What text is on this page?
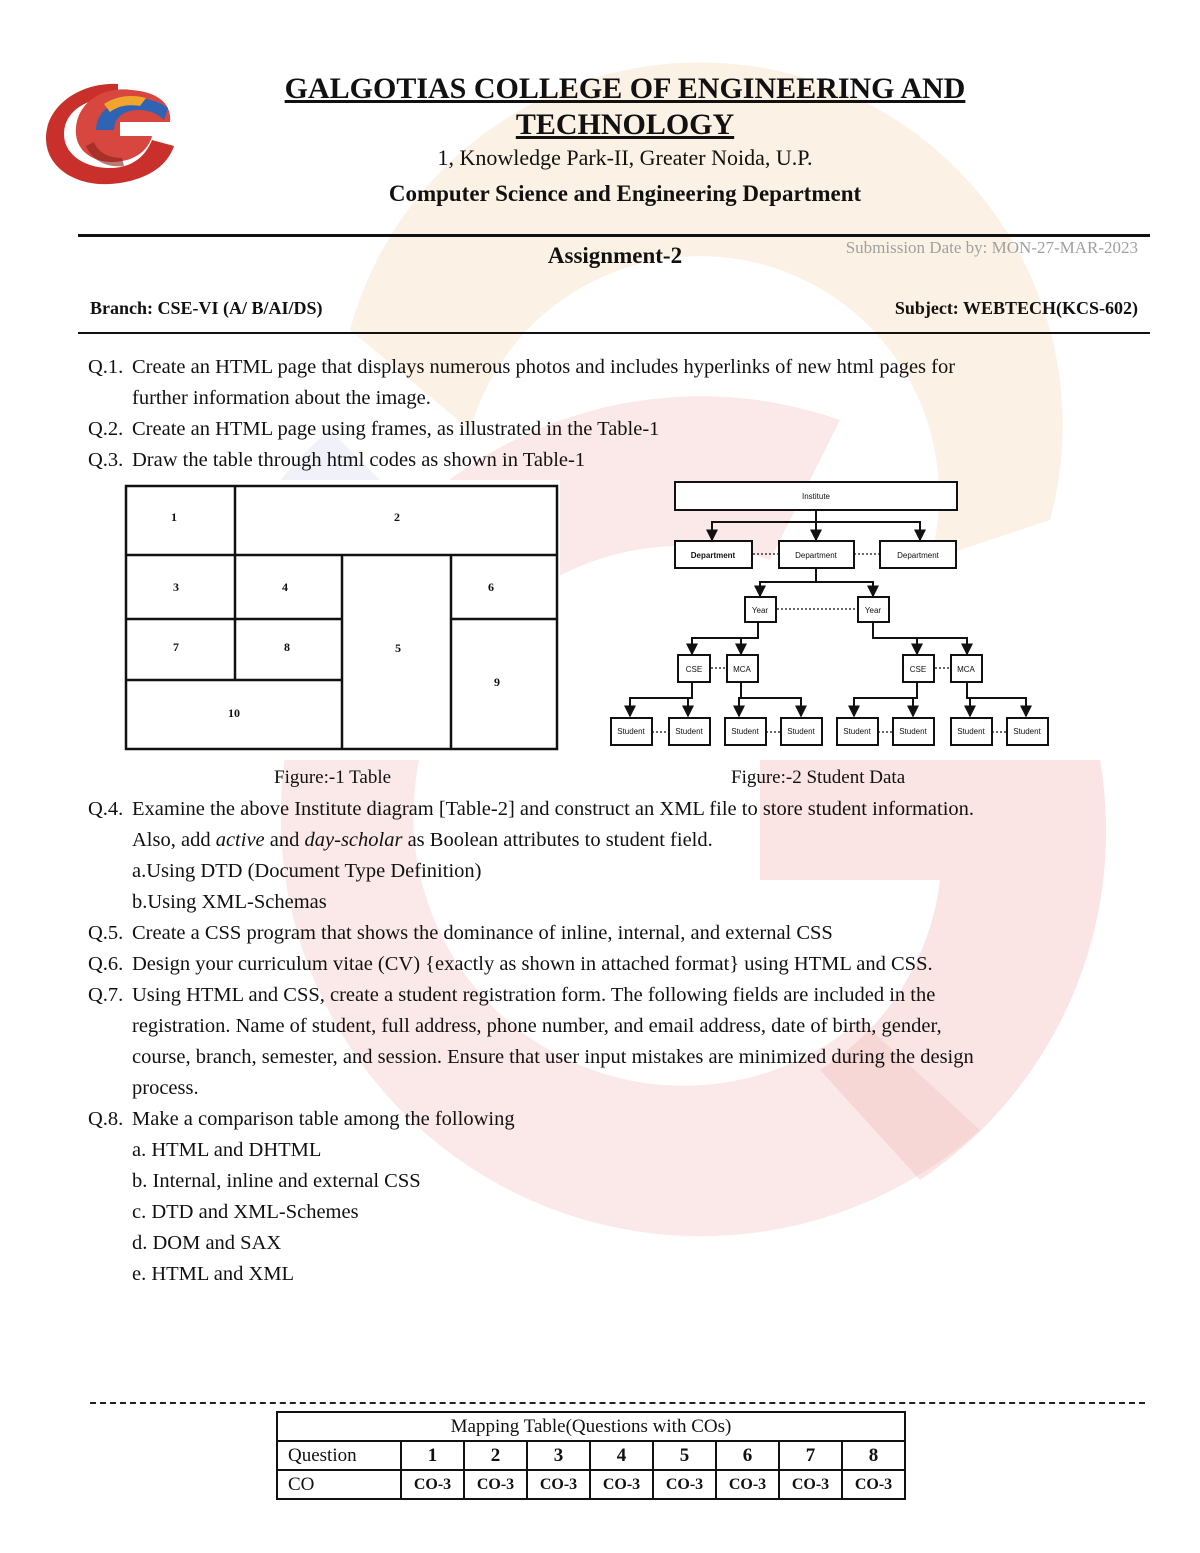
GALGOTIAS COLLEGE OF ENGINEERING AND
TECHNOLOGY
1, Knowledge Park-II, Greater Noida, U.P.
Computer Science and Engineering Department
Assignment-2	Submission Date by: MON-27-MAR-2023
Branch: CSE-VI (A/ B/AI/DS)	Subject: WEBTECH(KCS-602)
Q.1. Create an HTML page that displays numerous photos and includes hyperlinks of new html pages for
further information about the image.
Q.2. Create an HTML page using frames, as illustrated in the Table-1
Q.3. Draw the table through html codes as shown in Table-1
1	2
3	4
5
6
7	8
9
10
Institute
Department	Department	Department
Year	Year
CSE	MCA	CSE	MCA
Student	Student	Student	Student	Student	Student	Student	Student
Figure:-1 Table	Figure:-2 Student Data
Q.4. Examine the above Institute diagram [Table-2] and construct an XML file to store student information.
Also, add active and day-scholar as Boolean attributes to student field.
a.Using DTD (Document Type Definition)
b.Using XML-Schemas
Q.5. Create a CSS program that shows the dominance of inline, internal, and external CSS
Q.6. Design your curriculum vitae (CV) {exactly as shown in attached format} using HTML and CSS.
Q.7. Using HTML and CSS, create a student registration form. The following fields are included in the
registration. Name of student, full address, phone number, and email address, date of birth, gender,
course, branch, semester, and session. Ensure that user input mistakes are minimized during the design
process.
Q.8. Make a comparison table among the following
a. HTML and DHTML
b. Internal, inline and external CSS
c. DTD and XML-Schemes
d. DOM and SAX
e. HTML and XML
Mapping Table(Questions with COs)								
Question	1	2	3	4	5	6	7	8
CO	CO-3	CO-3	CO-3	CO-3	CO-3	CO-3	CO-3	CO-3
